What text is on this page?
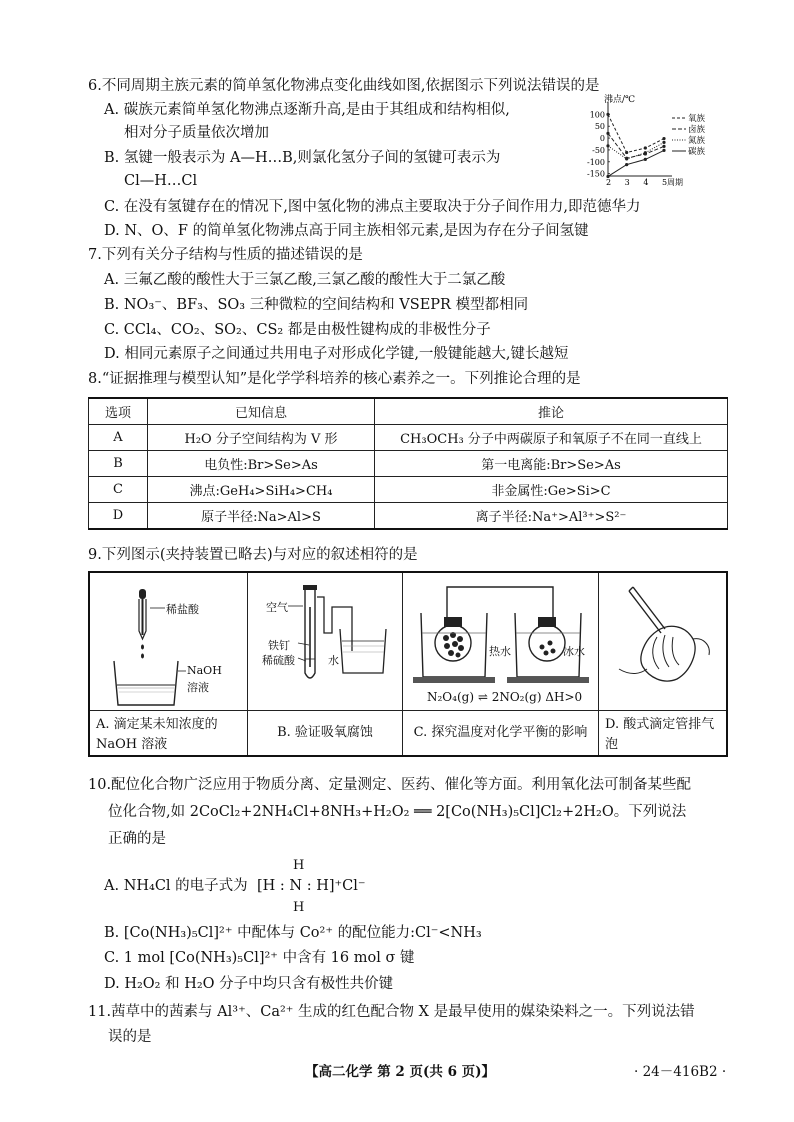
6.不同周期主族元素的简单氢化物沸点变化曲线如图,依据图示下列说法错误的是
A. 碳族元素简单氢化物沸点逐渐升高,是由于其组成和结构相似,
相对分子质量依次增加
B. 氢键一般表示为 A—H…B,则氯化氢分子间的氢键可表示为
Cl—H…Cl
C. 在没有氢键存在的情况下,图中氢化物的沸点主要取决于分子间作用力,即范德华力
D. N、O、F 的简单氢化物沸点高于同主族相邻元素,是因为存在分子间氢键
沸点/℃
100
50
0
-50
-100
-150
2 3 4 5 周期
氧族
卤族
氮族
碳族
7.下列有关分子结构与性质的描述错误的是
A. 三氟乙酸的酸性大于三氯乙酸,三氯乙酸的酸性大于二氯乙酸
B. NO₃⁻、BF₃、SO₃ 三种微粒的空间结构和 VSEPR 模型都相同
C. CCl₄、CO₂、SO₂、CS₂ 都是由极性键构成的非极性分子
D. 相同元素原子之间通过共用电子对形成化学键,一般键能越大,键长越短
8.“证据推理与模型认知”是化学学科培养的核心素养之一。下列推论合理的是
选项	已知信息	推论
A	H₂O 分子空间结构为 V 形	CH₃OCH₃ 分子中两碳原子和氧原子不在同一直线上
B	电负性:Br>Se>As	第一电离能:Br>Se>As
C	沸点:GeH₄>SiH₄>CH₄	非金属性:Ge>Si>C
D	原子半径:Na>Al>S	离子半径:Na⁺>Al³⁺>S²⁻
9.下列图示(夹持装置已略去)与对应的叙述相符的是
稀盐酸
NaOH
溶液
A. 滴定某未知浓度的 NaOH 溶液
空气
铁钉
稀硫酸	水
B. 验证吸氧腐蚀
热水	冰水
N₂O₄(g) ⇌ 2NO₂(g) ΔH>0
C. 探究温度对化学平衡的影响
D. 酸式滴定管排气泡
10.配位化合物广泛应用于物质分离、定量测定、医药、催化等方面。利用氧化法可制备某些配
位化合物,如 2CoCl₂+2NH₄Cl+8NH₃+H₂O₂ ══ 2[Co(NH₃)₅Cl]Cl₂+2H₂O。下列说法
正确的是
A. NH₄Cl 的电子式为 [H : N : H]⁺Cl⁻
H
H
B. [Co(NH₃)₅Cl]²⁺ 中配体与 Co²⁺ 的配位能力:Cl⁻<NH₃
C. 1 mol [Co(NH₃)₅Cl]²⁺ 中含有 16 mol σ 键
D. H₂O₂ 和 H₂O 分子中均只含有极性共价键
11.茜草中的茜素与 Al³⁺、Ca²⁺ 生成的红色配合物 X 是最早使用的媒染染料之一。下列说法错
误的是
【高二化学 第 2 页(共 6 页)】	· 24－416B2 ·
